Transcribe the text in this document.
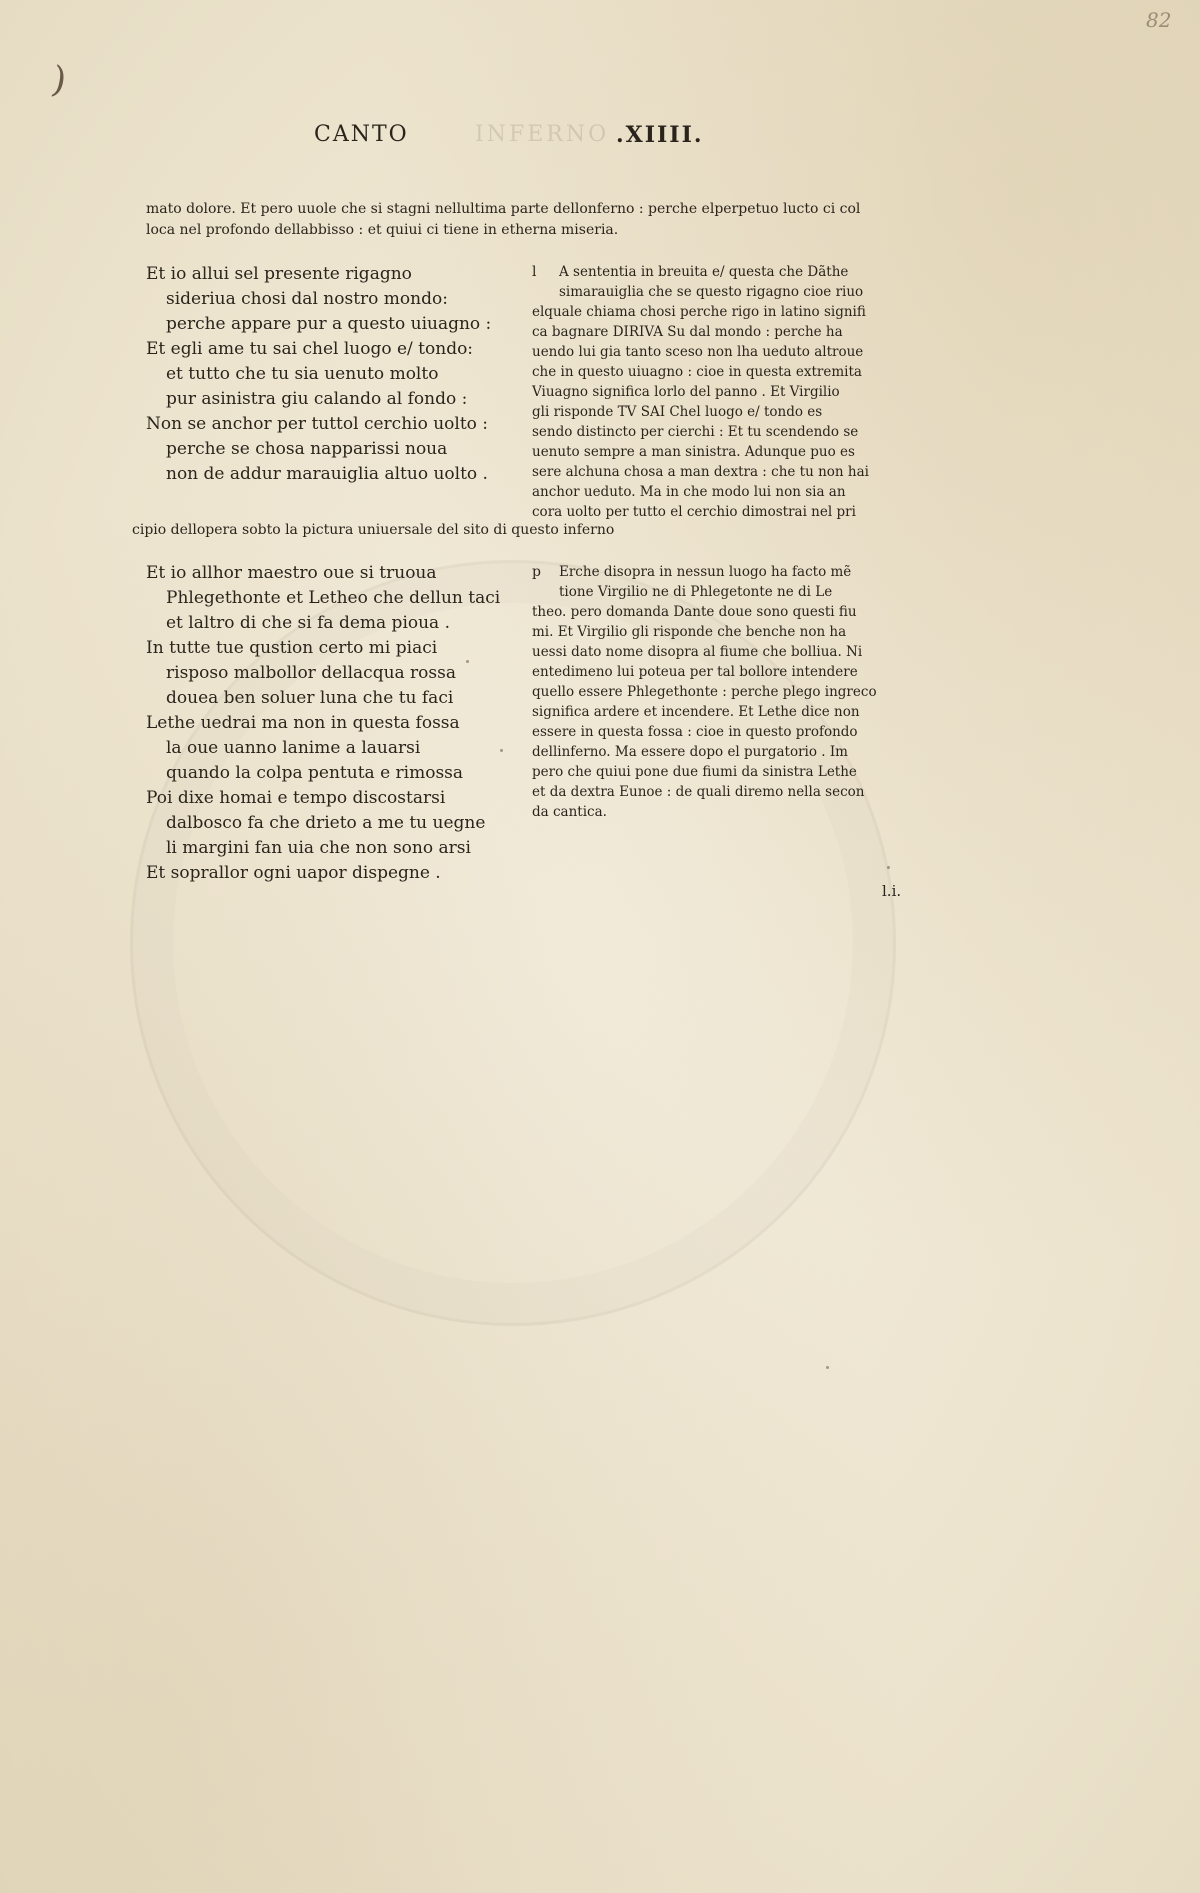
)
82
CANTO	INFERNO .XIIII.
mato dolore. Et pero uuole che si stagni nellultima parte dellonferno : perche elperpetuo lucto ci col
loca nel profondo dellabbisso : et quiui ci tiene in etherna miseria.
Et io allui sel presente rigagno
sideriua chosi dal nostro mondo:
perche appare pur a questo uiuagno :
Et egli ame tu sai chel luogo e/ tondo:
et tutto che tu sia uenuto molto
pur asinistra giu calando al fondo :
Non se anchor per tuttol cerchio uolto :
perche se chosa napparissi noua
non de addur marauiglia altuo uolto .
l	A sententia in breuita e/ questa che Dãthe
simarauiglia che se questo rigagno cioe riuo
elquale chiama chosi perche rigo in latino signifi
ca bagnare DIRIVA Su dal mondo : perche ha
uendo lui gia tanto sceso non lha ueduto altroue
che in questo uiuagno : cioe in questa extremita
Viuagno significa lorlo del panno . Et Virgilio
gli risponde TV SAI Chel luogo e/ tondo es
sendo distincto per cierchi : Et tu scendendo se
uenuto sempre a man sinistra. Adunque puo es
sere alchuna chosa a man dextra : che tu non hai
anchor ueduto. Ma in che modo lui non sia an
cora uolto per tutto el cerchio dimostrai nel pri
cipio dellopera sobto la pictura uniuersale del sito di questo inferno
Et io allhor maestro oue si truoua
Phlegethonte et Letheo che dellun taci
et laltro di che si fa dema pioua .
In tutte tue qustion certo mi piaci
risposo malbollor dellacqua rossa
douea ben soluer luna che tu faci
Lethe uedrai ma non in questa fossa
la oue uanno lanime a lauarsi
quando la colpa pentuta e rimossa
Poi dixe homai e tempo discostarsi
dalbosco fa che drieto a me tu uegne
li margini fan uia che non sono arsi
Et soprallor ogni uapor dispegne .
p	Erche disopra in nessun luogo ha facto mẽ
tione Virgilio ne di Phlegetonte ne di Le
theo. pero domanda Dante doue sono questi fiu
mi. Et Virgilio gli risponde che benche non ha
uessi dato nome disopra al fiume che bolliua. Ni
entedimeno lui poteua per tal bollore intendere
quello essere Phlegethonte : perche plego ingreco
significa ardere et incendere. Et Lethe dice non
essere in questa fossa : cioe in questo profondo
dellinferno. Ma essere dopo el purgatorio . Im
pero che quiui pone due fiumi da sinistra Lethe
et da dextra Eunoe : de quali diremo nella secon
da cantica.
l.i.
